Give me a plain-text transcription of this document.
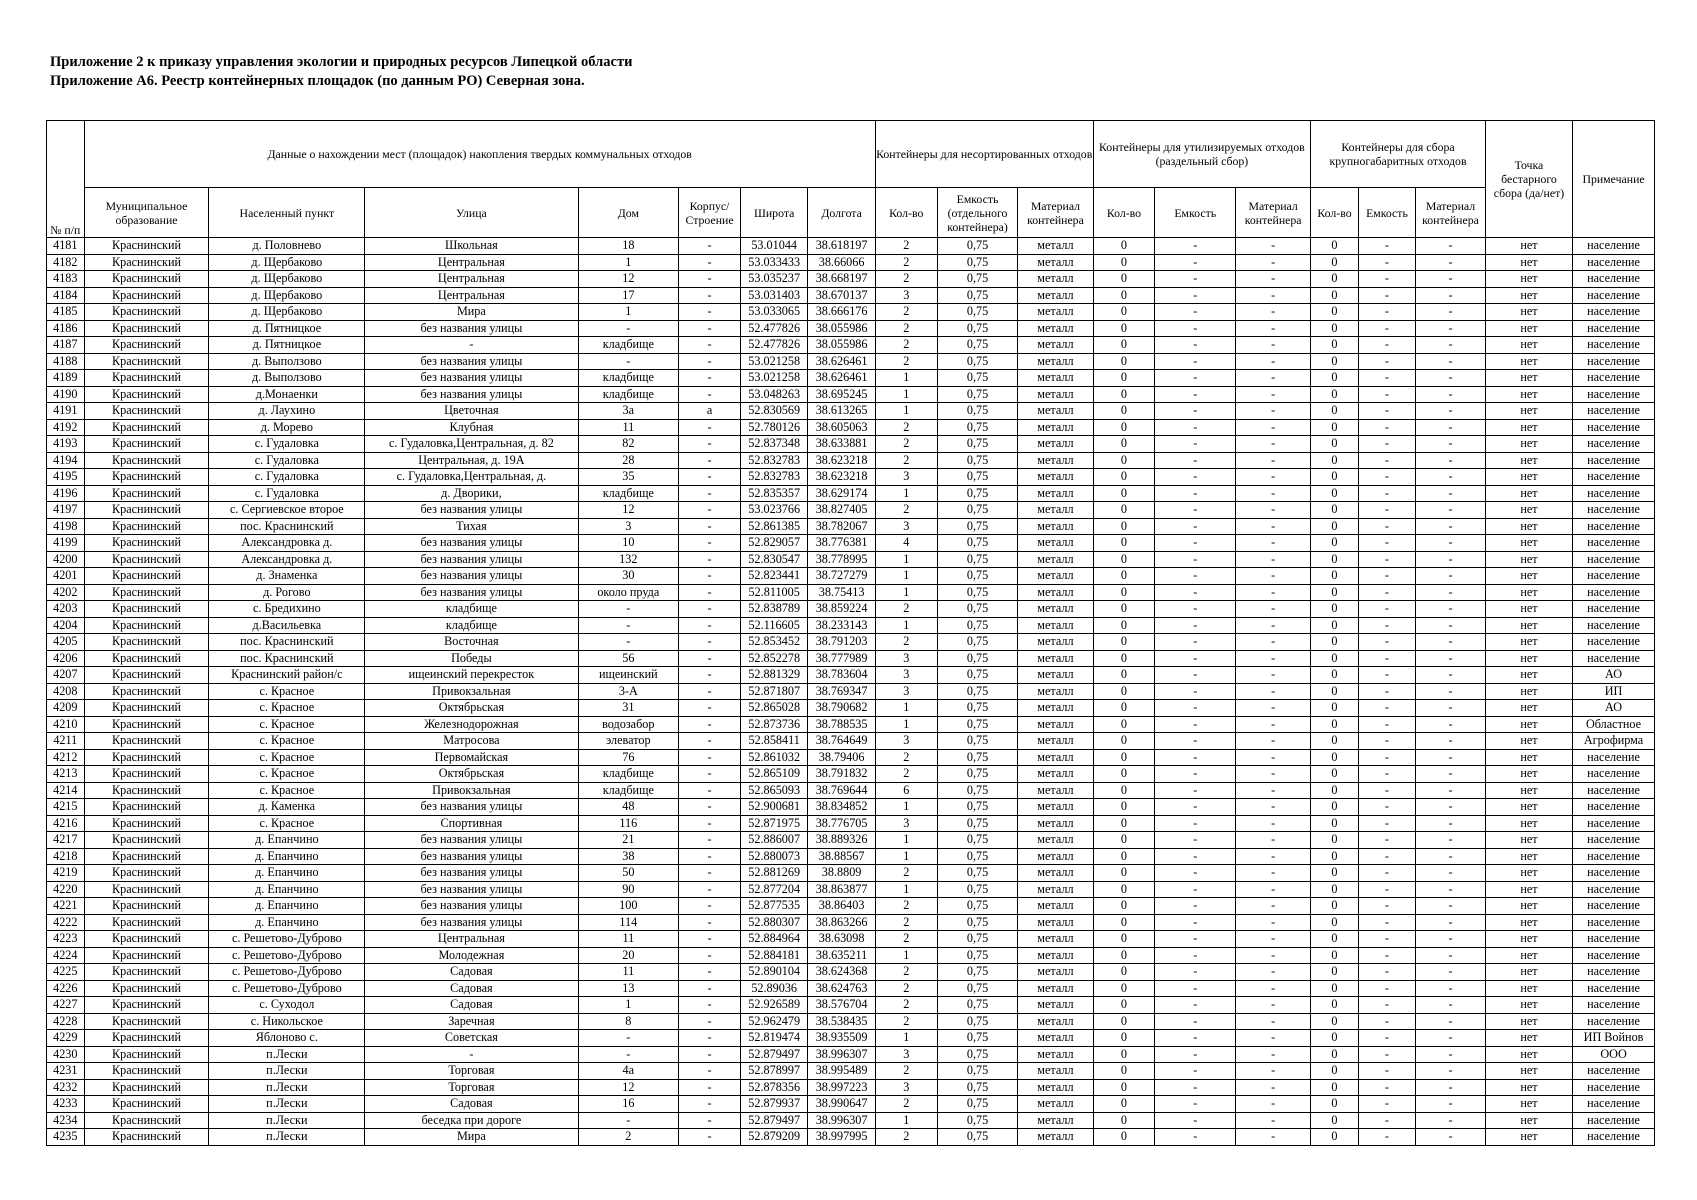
Приложение 2 к приказу управления экологии и природных ресурсов Липецкой области
Приложение А6. Реестр контейнерных площадок (по данным РО) Северная зона.
№ п/п	Данные о нахождении мест (площадок) накопления твердых коммунальных отходов							Контейнеры для несортированных отходов			Контейнеры для утилизируемых отходов (раздельный сбор)			Контейнеры для сбора крупногабаритных отходов			Точка бестарного сбора (да/нет)	Примечание
	Муниципальное образование	Населенный пункт	Улица	Дом	Корпус/ Строение	Широта	Долгота	Кол-во	Емкость (отдельного контейнера)	Материал контейнера	Кол-во	Емкость	Материал контейнера	Кол-во	Емкость	Материал контейнера		
4181	Краснинский	д. Половнево	Школьная	18	-	53.01044	38.618197	2	0,75	металл	0	-	-	0	-	-	нет	население
4182	Краснинский	д. Щербаково	Центральная	1	-	53.033433	38.66066	2	0,75	металл	0	-	-	0	-	-	нет	население
4183	Краснинский	д. Щербаково	Центральная	12	-	53.035237	38.668197	2	0,75	металл	0	-	-	0	-	-	нет	население
4184	Краснинский	д. Щербаково	Центральная	17	-	53.031403	38.670137	3	0,75	металл	0	-	-	0	-	-	нет	население
4185	Краснинский	д. Щербаково	Мира	1	-	53.033065	38.666176	2	0,75	металл	0	-	-	0	-	-	нет	население
4186	Краснинский	д. Пятницкое	без названия улицы	-	-	52.477826	38.055986	2	0,75	металл	0	-	-	0	-	-	нет	население
4187	Краснинский	д. Пятницкое	-	кладбище	-	52.477826	38.055986	2	0,75	металл	0	-	-	0	-	-	нет	население
4188	Краснинский	д. Выползово	без названия улицы	-	-	53.021258	38.626461	2	0,75	металл	0	-	-	0	-	-	нет	население
4189	Краснинский	д. Выползово	без названия улицы	кладбище	-	53.021258	38.626461	1	0,75	металл	0	-	-	0	-	-	нет	население
4190	Краснинский	д.Монаенки	без названия улицы	кладбище	-	53.048263	38.695245	1	0,75	металл	0	-	-	0	-	-	нет	население
4191	Краснинский	д. Лаухино	Цветочная	3а	а	52.830569	38.613265	1	0,75	металл	0	-	-	0	-	-	нет	население
4192	Краснинский	д. Морево	Клубная	11	-	52.780126	38.605063	2	0,75	металл	0	-	-	0	-	-	нет	население
4193	Краснинский	с. Гудаловка	с. Гудаловка,Центральная, д. 82	82	-	52.837348	38.633881	2	0,75	металл	0	-	-	0	-	-	нет	население
4194	Краснинский	с. Гудаловка	Центральная, д. 19А	28	-	52.832783	38.623218	2	0,75	металл	0	-	-	0	-	-	нет	население
4195	Краснинский	с. Гудаловка	с. Гудаловка,Центральная, д.	35	-	52.832783	38.623218	3	0,75	металл	0	-	-	0	-	-	нет	население
4196	Краснинский	с. Гудаловка	д. Дворики,	кладбище	-	52.835357	38.629174	1	0,75	металл	0	-	-	0	-	-	нет	население
4197	Краснинский	с. Сергиевское второе	без названия улицы	12	-	53.023766	38.827405	2	0,75	металл	0	-	-	0	-	-	нет	население
4198	Краснинский	пос. Краснинский	Тихая	3	-	52.861385	38.782067	3	0,75	металл	0	-	-	0	-	-	нет	население
4199	Краснинский	Александровка д.	без названия улицы	10	-	52.829057	38.776381	4	0,75	металл	0	-	-	0	-	-	нет	население
4200	Краснинский	Александровка д.	без названия улицы	132	-	52.830547	38.778995	1	0,75	металл	0	-	-	0	-	-	нет	население
4201	Краснинский	д. Знаменка	без названия улицы	30	-	52.823441	38.727279	1	0,75	металл	0	-	-	0	-	-	нет	население
4202	Краснинский	д. Рогово	без названия улицы	около пруда	-	52.811005	38.75413	1	0,75	металл	0	-	-	0	-	-	нет	население
4203	Краснинский	с. Бредихино	кладбище	-	-	52.838789	38.859224	2	0,75	металл	0	-	-	0	-	-	нет	население
4204	Краснинский	д.Васильевка	кладбище	-	-	52.116605	38.233143	1	0,75	металл	0	-	-	0	-	-	нет	население
4205	Краснинский	пос. Краснинский	Восточная	-	-	52.853452	38.791203	2	0,75	металл	0	-	-	0	-	-	нет	население
4206	Краснинский	пос. Краснинский	Победы	56	-	52.852278	38.777989	3	0,75	металл	0	-	-	0	-	-	нет	население
4207	Краснинский	Краснинский район/с	ищеинский перекресток	ищеинский	-	52.881329	38.783604	3	0,75	металл	0	-	-	0	-	-	нет	АО
4208	Краснинский	с. Красное	Привокзальная	3-А	-	52.871807	38.769347	3	0,75	металл	0	-	-	0	-	-	нет	ИП
4209	Краснинский	с. Красное	Октябрьская	31	-	52.865028	38.790682	1	0,75	металл	0	-	-	0	-	-	нет	АО
4210	Краснинский	с. Красное	Железнодорожная	водозабор	-	52.873736	38.788535	1	0,75	металл	0	-	-	0	-	-	нет	Областное
4211	Краснинский	с. Красное	Матросова	элеватор	-	52.858411	38.764649	3	0,75	металл	0	-	-	0	-	-	нет	Агрофирма
4212	Краснинский	с. Красное	Первомайская	76	-	52.861032	38.79406	2	0,75	металл	0	-	-	0	-	-	нет	население
4213	Краснинский	с. Красное	Октябрьская	кладбище	-	52.865109	38.791832	2	0,75	металл	0	-	-	0	-	-	нет	население
4214	Краснинский	с. Красное	Привокзальная	кладбище	-	52.865093	38.769644	6	0,75	металл	0	-	-	0	-	-	нет	население
4215	Краснинский	д. Каменка	без названия улицы	48	-	52.900681	38.834852	1	0,75	металл	0	-	-	0	-	-	нет	население
4216	Краснинский	с. Красное	Спортивная	116	-	52.871975	38.776705	3	0,75	металл	0	-	-	0	-	-	нет	население
4217	Краснинский	д. Епанчино	без названия улицы	21	-	52.886007	38.889326	1	0,75	металл	0	-	-	0	-	-	нет	население
4218	Краснинский	д. Епанчино	без названия улицы	38	-	52.880073	38.88567	1	0,75	металл	0	-	-	0	-	-	нет	население
4219	Краснинский	д. Епанчино	без названия улицы	50	-	52.881269	38.8809	2	0,75	металл	0	-	-	0	-	-	нет	население
4220	Краснинский	д. Епанчино	без названия улицы	90	-	52.877204	38.863877	1	0,75	металл	0	-	-	0	-	-	нет	население
4221	Краснинский	д. Епанчино	без названия улицы	100	-	52.877535	38.86403	2	0,75	металл	0	-	-	0	-	-	нет	население
4222	Краснинский	д. Епанчино	без названия улицы	114	-	52.880307	38.863266	2	0,75	металл	0	-	-	0	-	-	нет	население
4223	Краснинский	с. Решетово-Дуброво	Центральная	11	-	52.884964	38.63098	2	0,75	металл	0	-	-	0	-	-	нет	население
4224	Краснинский	с. Решетово-Дуброво	Молодежная	20	-	52.884181	38.635211	1	0,75	металл	0	-	-	0	-	-	нет	население
4225	Краснинский	с. Решетово-Дуброво	Садовая	11	-	52.890104	38.624368	2	0,75	металл	0	-	-	0	-	-	нет	население
4226	Краснинский	с. Решетово-Дуброво	Садовая	13	-	52.89036	38.624763	2	0,75	металл	0	-	-	0	-	-	нет	население
4227	Краснинский	с. Суходол	Садовая	1	-	52.926589	38.576704	2	0,75	металл	0	-	-	0	-	-	нет	население
4228	Краснинский	с. Никольское	Заречная	8	-	52.962479	38.538435	2	0,75	металл	0	-	-	0	-	-	нет	население
4229	Краснинский	Яблоново с.	Советская	-	-	52.819474	38.935509	1	0,75	металл	0	-	-	0	-	-	нет	ИП Войнов
4230	Краснинский	п.Лески	-	-	-	52.879497	38.996307	3	0,75	металл	0	-	-	0	-	-	нет	ООО
4231	Краснинский	п.Лески	Торговая	4а	-	52.878997	38.995489	2	0,75	металл	0	-	-	0	-	-	нет	население
4232	Краснинский	п.Лески	Торговая	12	-	52.878356	38.997223	3	0,75	металл	0	-	-	0	-	-	нет	население
4233	Краснинский	п.Лески	Садовая	16	-	52.879937	38.990647	2	0,75	металл	0	-	-	0	-	-	нет	население
4234	Краснинский	п.Лески	беседка при дороге	-	-	52.879497	38.996307	1	0,75	металл	0	-	-	0	-	-	нет	население
4235	Краснинский	п.Лески	Мира	2	-	52.879209	38.997995	2	0,75	металл	0	-	-	0	-	-	нет	население
